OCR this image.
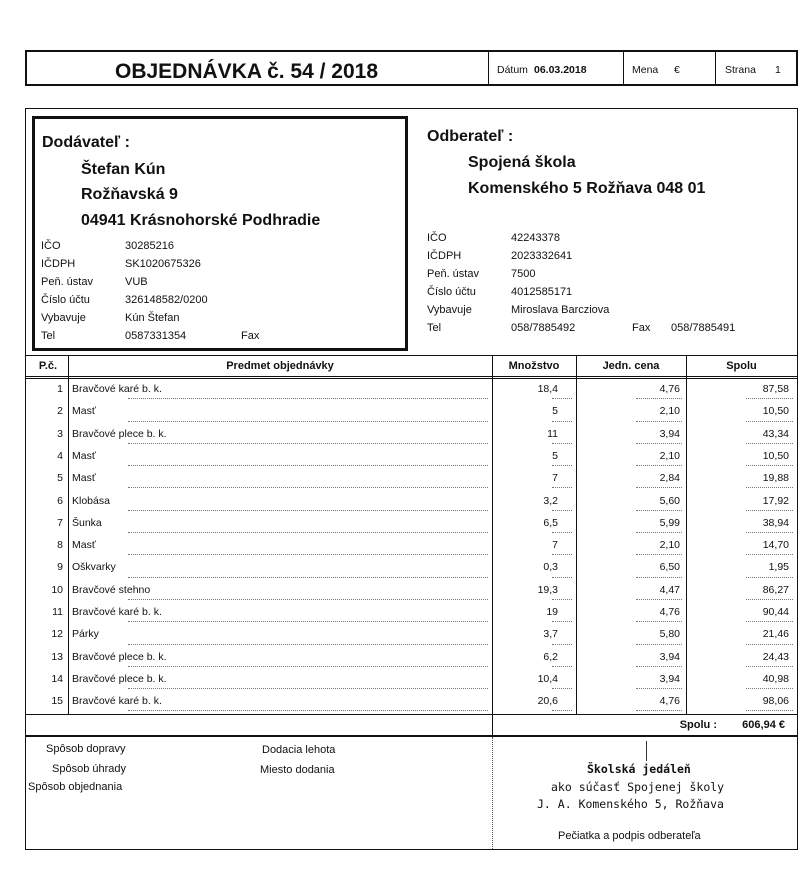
OBJEDNÁVKA č. 54 / 2018	Dátum 06.03.2018	Mena €	Strana 1
Dodávateľ :
Štefan Kún
Rožňavská 9
04941 Krásnohorské Podhradie
IČO	30285216
IČDPH	SK1020675326
Peň. ústav	VUB
Číslo účtu	326148582/0200
Vybavuje	Kún Štefan
Tel	0587331354	Fax
Odberateľ :
Spojená škola
Komenského 5 Rožňava 048 01
IČO	42243378
IČDPH	2023332641
Peň. ústav	7500
Číslo účtu	4012585171
Vybavuje	Miroslava Barcziova
Tel	058/7885492	Fax 058/7885491
P.č.	Predmet objednávky	Množstvo	Jedn. cena	Spolu
1 Bravčové karé b. k.	18,4	4,76	87,58
2 Masť	5	2,10	10,50
3 Bravčové plece b. k.	11	3,94	43,34
4 Masť	5	2,10	10,50
5 Masť	7	2,84	19,88
6 Klobása	3,2	5,60	17,92
7 Šunka	6,5	5,99	38,94
8 Masť	7	2,10	14,70
9 Oškvarky	0,3	6,50	1,95
10 Bravčové stehno	19,3	4,47	86,27
11 Bravčové karé b. k.	19	4,76	90,44
12 Párky	3,7	5,80	21,46
13 Bravčové plece b. k.	6,2	3,94	24,43
14 Bravčové plece b. k.	10,4	3,94	40,98
15 Bravčové karé b. k.	20,6	4,76	98,06
606,94 €
Spolu :
Spôsob dopravy
Spôsob úhrady
Spôsob objednania
Dodacia lehota
Miesto dodania	Školská jedáleň
ako súčasť Spojenej školy
J. A. Komenského 5, Rožňava
Pečiatka a podpis odberateľa
